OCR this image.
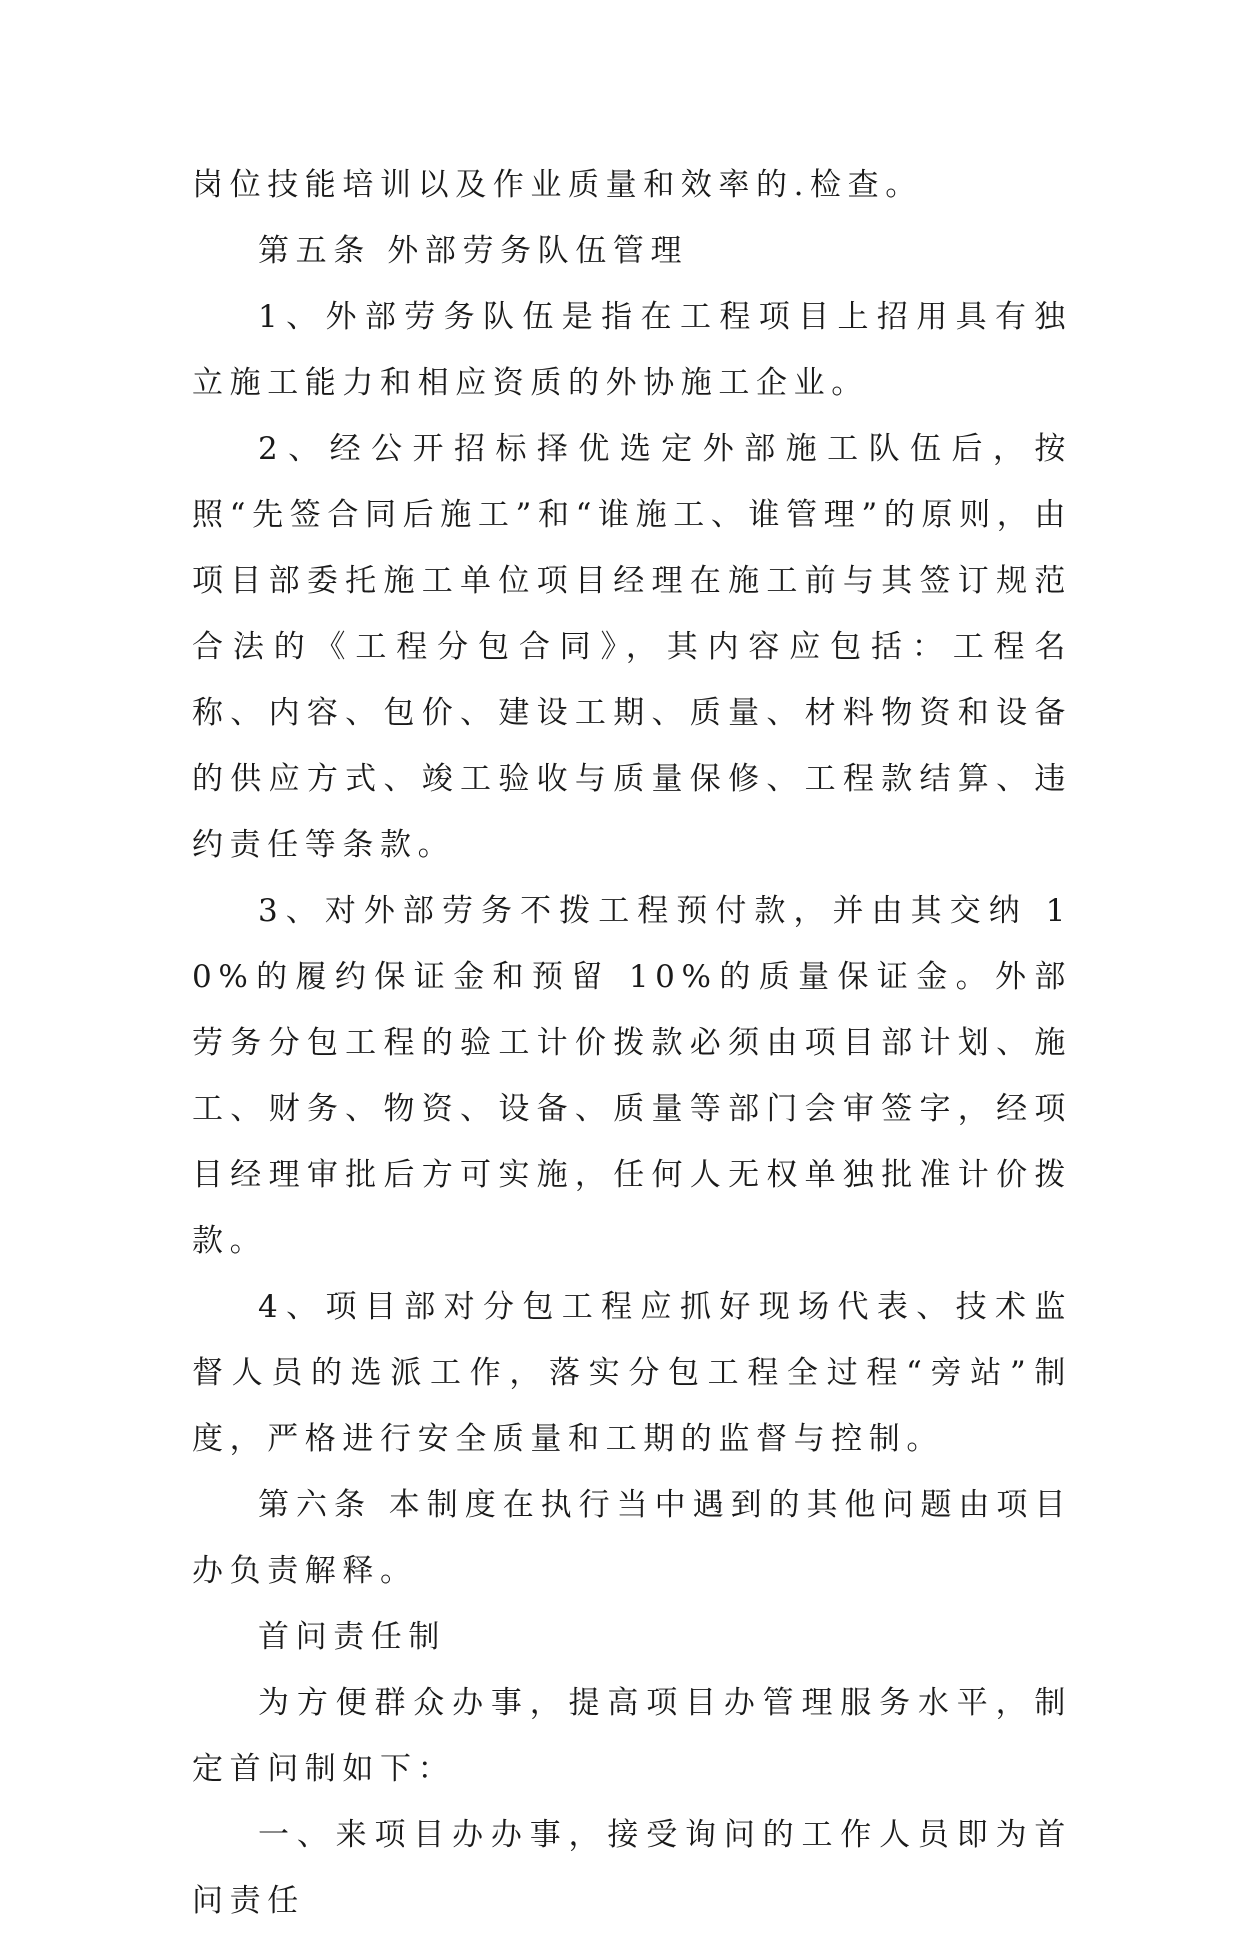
岗位技能培训以及作业质量和效率的.检查。

第五条 外部劳务队伍管理

1、外部劳务队伍是指在工程项目上招用具有独立施工能力和相应资质的外协施工企业。

2、经公开招标择优选定外部施工队伍后，按照“先签合同后施工”和“谁施工、谁管理”的原则，由项目部委托施工单位项目经理在施工前与其签订规范合法的《工程分包合同》，其内容应包括：工程名称、内容、包价、建设工期、质量、材料物资和设备的供应方式、竣工验收与质量保修、工程款结算、违约责任等条款。

3、对外部劳务不拨工程预付款，并由其交纳 10%的履约保证金和预留 10%的质量保证金。外部劳务分包工程的验工计价拨款必须由项目部计划、施工、财务、物资、设备、质量等部门会审签字，经项目经理审批后方可实施，任何人无权单独批准计价拨款。

4、项目部对分包工程应抓好现场代表、技术监督人员的选派工作，落实分包工程全过程“旁站”制度，严格进行安全质量和工期的监督与控制。

第六条 本制度在执行当中遇到的其他问题由项目办负责解释。

首问责任制

为方便群众办事，提高项目办管理服务水平，制定首问制如下：

一、来项目办办事，接受询问的工作人员即为首问责任
